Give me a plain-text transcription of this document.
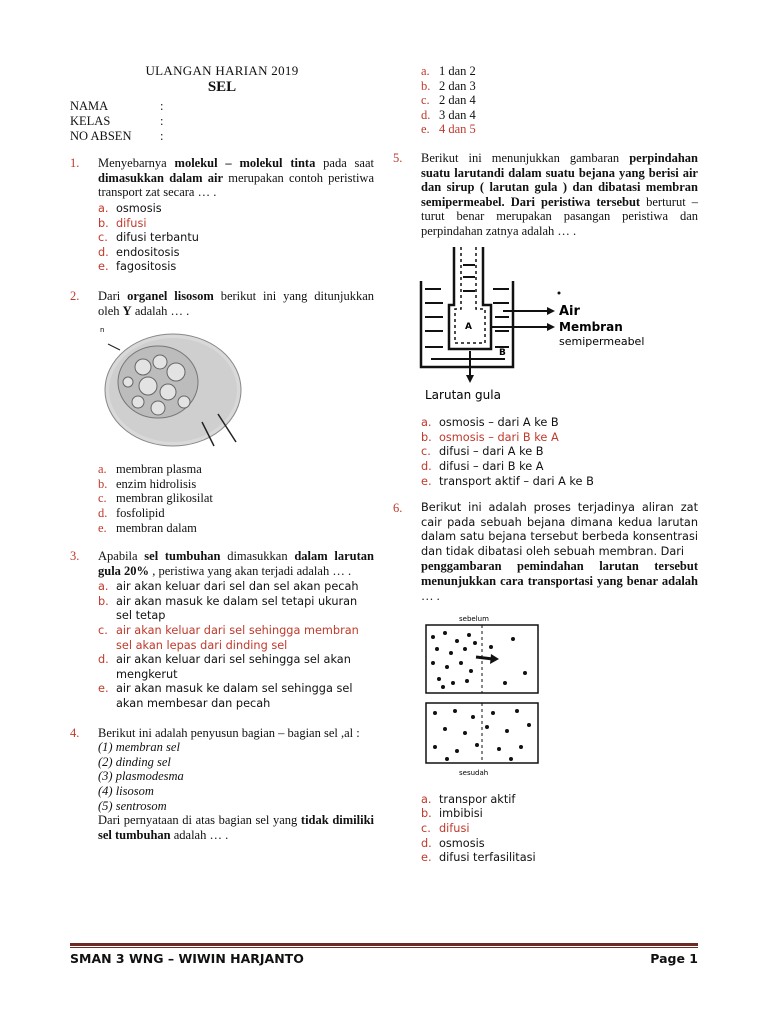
ULANGAN HARIAN 2019
SEL
NAMA	:
KELAS	:
NO ABSEN	:
1.	Menyebarnya molekul – molekul tinta pada saat dimasukkan dalam air merupakan contoh peristiwa transport zat secara … .
a. osmosis
b. difusi
c. difusi terbantu
d. endositosis
e. fagositosis
2.	Dari organel lisosom berikut ini yang ditunjukkan oleh Y adalah … .
n
a. membran plasma
b. enzim hidrolisis
c. membran glikosilat
d. fosfolipid
e. membran dalam
3.	Apabila sel tumbuhan dimasukkan dalam larutan gula 20% , peristiwa yang akan terjadi adalah … .
a. air akan keluar dari sel dan sel akan pecah
b. air akan masuk ke dalam sel tetapi ukuran sel tetap
c. air akan keluar dari sel sehingga membran sel akan lepas dari dinding sel
d. air akan keluar dari sel sehingga sel akan mengkerut
e. air akan masuk ke dalam sel sehingga sel akan membesar dan pecah
4.	Berikut ini adalah penyusun bagian – bagian sel ,al :
(1) membran sel
(2) dinding sel
(3) plasmodesma
(4) lisosom
(5) sentrosom
Dari pernyataan di atas bagian sel yang tidak dimiliki sel tumbuhan adalah … .
a. 1 dan 2
b. 2 dan 3
c. 2 dan 4
d. 3 dan 4
e. 4 dan 5
5.	Berikut ini menunjukkan gambaran perpindahan suatu larutandi dalam suatu bejana yang berisi air dan sirup ( larutan gula ) dan dibatasi membran semipermeabel. Dari peristiwa tersebut berturut – turut benar merupakan pasangan peristiwa dan perpindahan zatnya adalah … .
A
B
Air
Membran
semipermeabel
Larutan gula
a. osmosis – dari A ke B
b. osmosis – dari B ke A
c. difusi – dari A ke B
d. difusi – dari B ke A
e. transport aktif – dari A ke B
6.	Berikut ini adalah proses terjadinya aliran zat cair pada sebuah bejana dimana kedua larutan dalam satu bejana tersebut berbeda konsentrasi dan tidak dibatasi oleh sebuah membran. Dari
penggambaran pemindahan larutan tersebut menunjukkan cara transportasi yang benar adalah … .
sebelum
sesudah
a. transpor aktif
b. imbibisi
c. difusi
d. osmosis
e. difusi terfasilitasi
SMAN 3 WNG – WIWIN HARJANTO	Page 1
